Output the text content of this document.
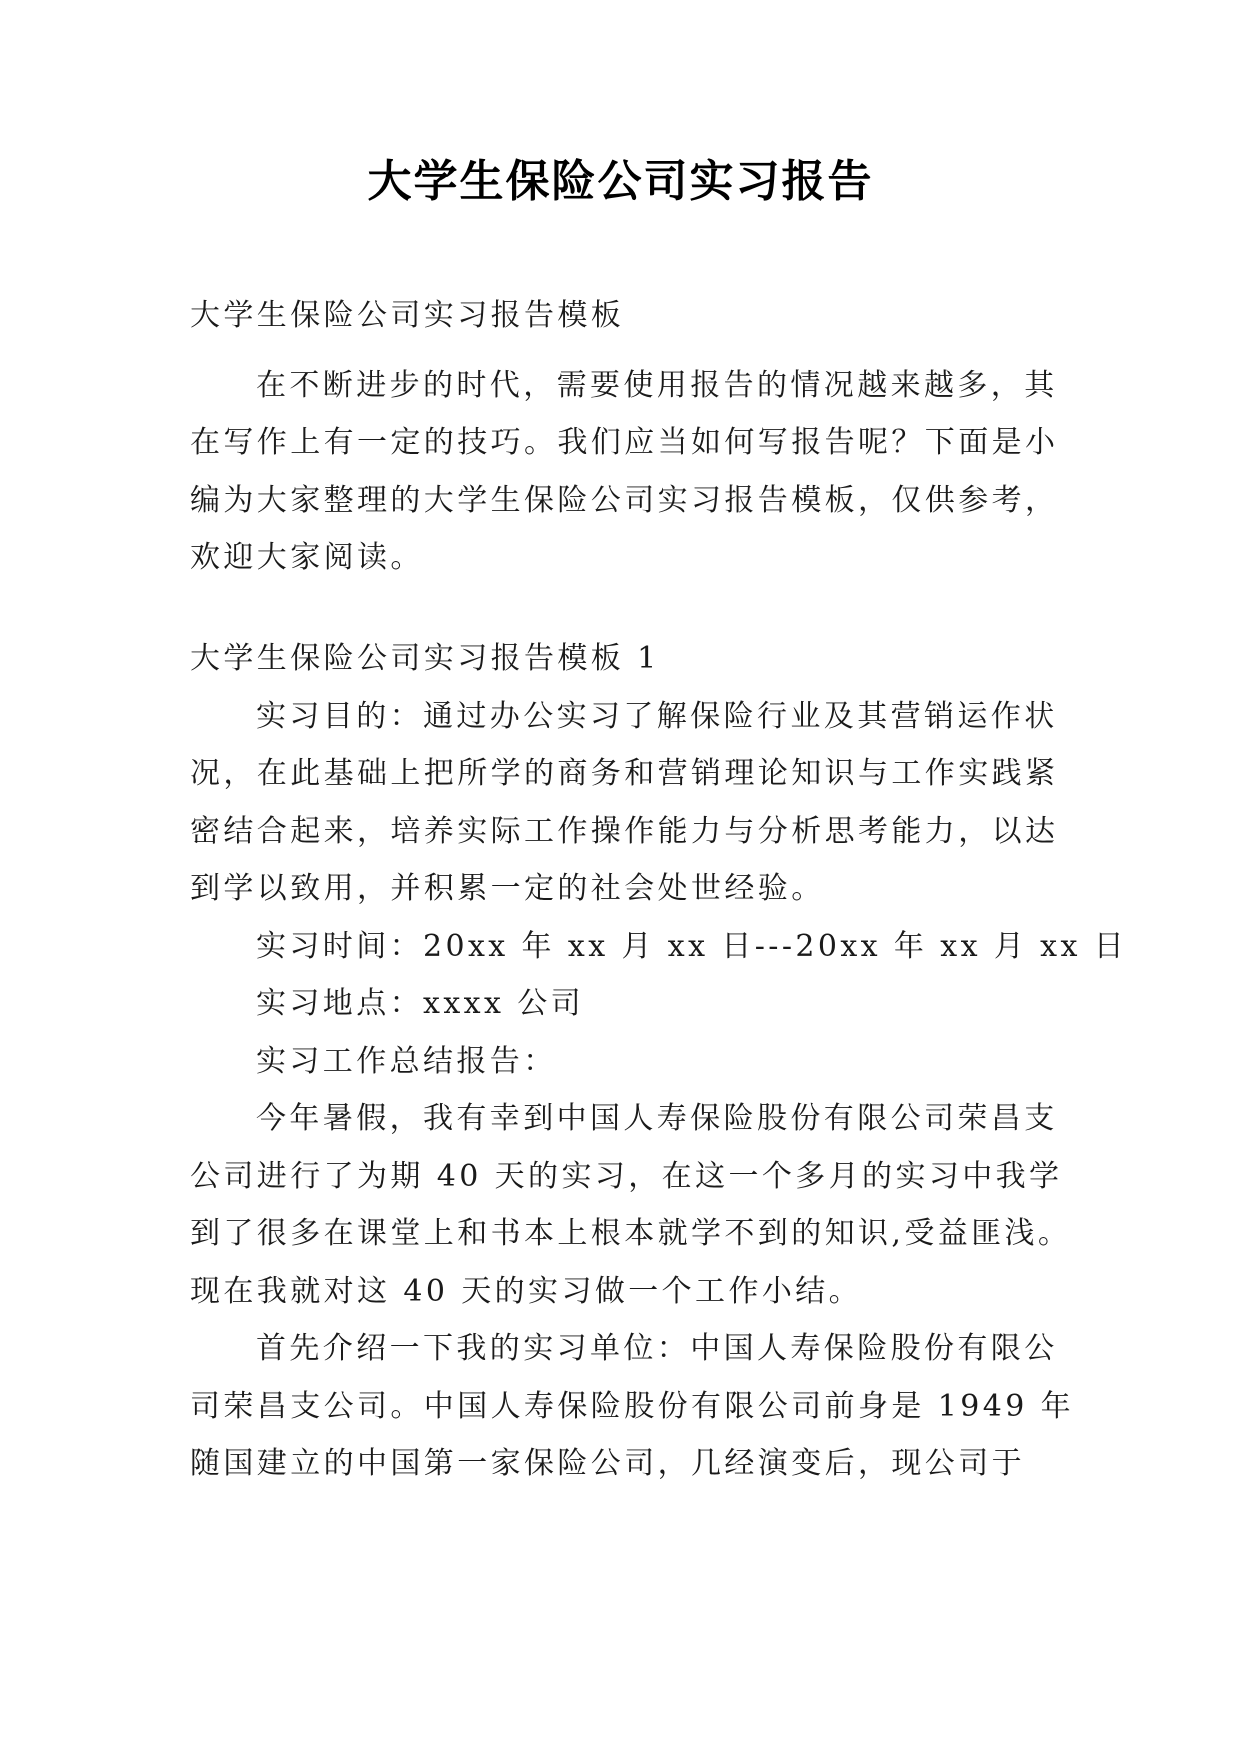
大学生保险公司实习报告

大学生保险公司实习报告模板

在不断进步的时代，需要使用报告的情况越来越多，其

在写作上有一定的技巧。我们应当如何写报告呢？下面是小

编为大家整理的大学生保险公司实习报告模板，仅供参考，

欢迎大家阅读。

大学生保险公司实习报告模板 1

实习目的：通过办公实习了解保险行业及其营销运作状

况，在此基础上把所学的商务和营销理论知识与工作实践紧

密结合起来，培养实际工作操作能力与分析思考能力，以达

到学以致用，并积累一定的社会处世经验。

实习时间：20xx 年 xx 月 xx 日---20xx 年 xx 月 xx 日

实习地点：xxxx 公司

实习工作总结报告：

今年暑假，我有幸到中国人寿保险股份有限公司荣昌支

公司进行了为期 40 天的实习，在这一个多月的实习中我学

到了很多在课堂上和书本上根本就学不到的知识,受益匪浅。

现在我就对这 40 天的实习做一个工作小结。

首先介绍一下我的实习单位：中国人寿保险股份有限公

司荣昌支公司。中国人寿保险股份有限公司前身是 1949 年

随国建立的中国第一家保险公司，几经演变后，现公司于
